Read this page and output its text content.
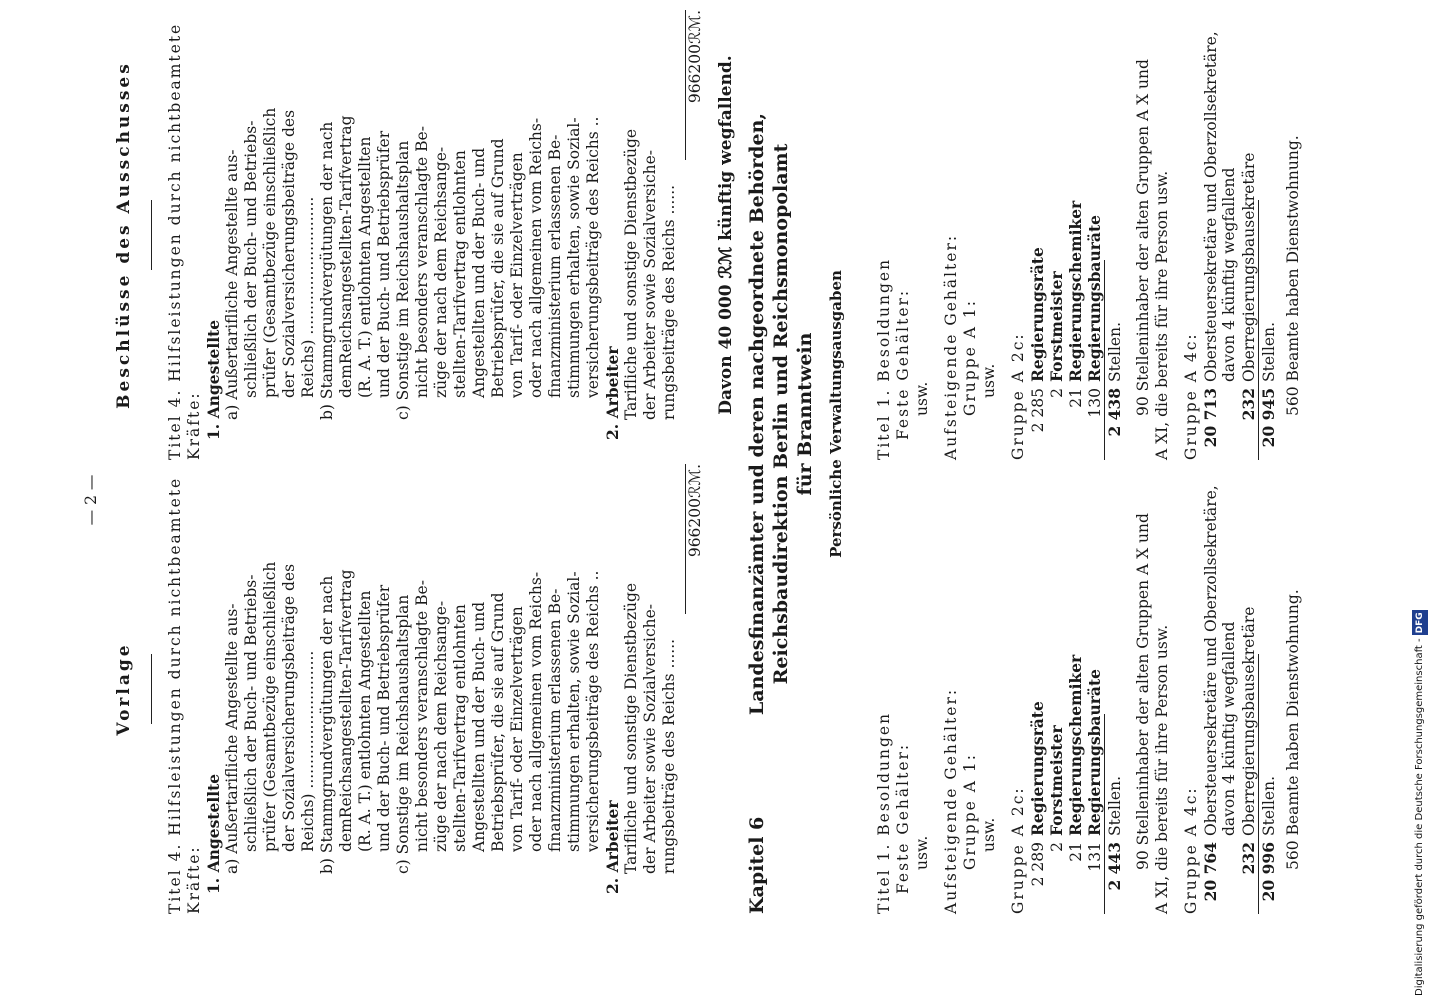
— 2 —
Vorlage Titel 4. Hilfsleistungen durch nichtbeamtete Kräfte: 1. Angestellte a) Außertarifliche Angestellte aus- schließlich der Buch- und Betriebs- prüfer (Gesamtbezüge einschließlich der Sozialversicherungsbeiträge des Reichs) ............................ b) Stammgrundvergütungen der nach demReichsangestellten-Tarifvertrag (R. A. T.) entlohnten Angestellten und der Buch- und Betriebsprüfer c) Sonstige im Reichshaushaltsplan nicht besonders veranschlagte Be- züge der nach dem Reichsange- stellten-Tarifvertrag entlohnten Angestellten und der Buch- und Betriebsprüfer, die sie auf Grund von Tarif- oder Einzelverträgen oder nach allgemeinen vom Reichs- finanzministerium erlassenen Be- stimmungen erhalten, sowie Sozial- versicherungsbeiträge des Reichs .. 2. Arbeiter Tarifliche und sonstige Dienstbezüge der Arbeiter sowie Sozialversiche- rungsbeiträge des Reichs ......
966200
ℛℳ.
Beschlüsse des Ausschusses Titel 4. Hilfsleistungen durch nichtbeamtete Kräfte: 1. Angestellte a) Außertarifliche Angestellte aus- schließlich der Buch- und Betriebs- prüfer (Gesamtbezüge einschließlich der Sozialversicherungsbeiträge des Reichs) ............................ b) Stammgrundvergütungen der nach demReichsangestellten-Tarifvertrag (R. A. T.) entlohnten Angestellten und der Buch- und Betriebsprüfer c) Sonstige im Reichshaushaltsplan nicht besonders veranschlagte Be- züge der nach dem Reichsange- stellten-Tarifvertrag entlohnten Angestellten und der Buch- und Betriebsprüfer, die sie auf Grund von Tarif- oder Einzelverträgen oder nach allgemeinen vom Reichs- finanzministerium erlassenen Be- stimmungen erhalten, sowie Sozial- versicherungsbeiträge des Reichs .. 2. Arbeiter Tarifliche und sonstige Dienstbezüge der Arbeiter sowie Sozialversiche- rungsbeiträge des Reichs ......
966200
ℛℳ.
Davon 40 000 ℛℳ künftig wegfallend.
Kapitel 6
Landesfinanzämter und deren nachgeordnete Behörden, Reichsbaudirektion Berlin und Reichsmonopolamt für Branntwein Persönliche Verwaltungsausgaben
Titel 1. Besoldungen Feste Gehälter: usw. Aufsteigende Gehälter: Gruppe A 1: usw. Gruppe A 2c: 2 289Regierungsräte
2Forstmeister
21Regierungschemiker
131Regierungsbauräte
2 443Stellen. 90 Stelleninhaber der alten Gruppen A X und A XI, die bereits für ihre Person usw. Gruppe A 4c: 20 764Obersteuersekretäre und Oberzollsekretäre, davon 4 künftig wegfallend
232Oberregierungsbausekretäre
20 996Stellen. 560 Beamte haben Dienstwohnung.
Titel 1. Besoldungen Feste Gehälter: usw. Aufsteigende Gehälter: Gruppe A 1: usw. Gruppe A 2c: 2 285Regierungsräte
2Forstmeister
21Regierungschemiker
130Regierungsbauräte
2 438Stellen. 90 Stelleninhaber der alten Gruppen A X und A XI, die bereits für ihre Person usw. Gruppe A 4c: 20 713Obersteuersekretäre und Oberzollsekretäre, davon 4 künftig wegfallend
232Oberregierungsbausekretäre
20 945Stellen. 560 Beamte haben Dienstwohnung.
Digitalisierung gefördert durch die Deutsche Forschungsgemeinschaft -DFG
